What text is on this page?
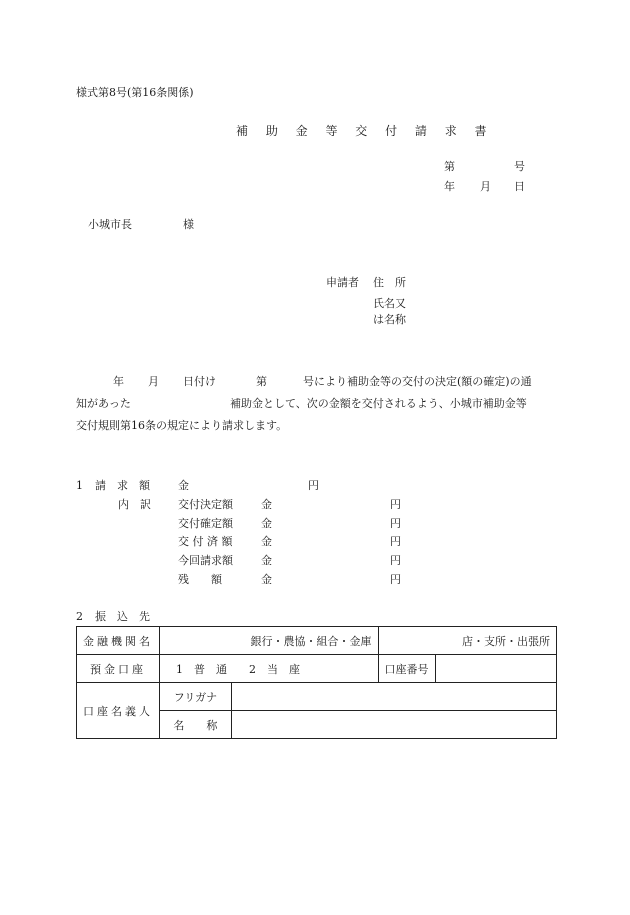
様式第8号(第16条関係)
補 助 金 等 交 付 請 求 書
第	号
年 月 日
小城市長	様
申請者 住　所
氏名又
は名称
年 月 日付け	第	号により補助金等の交付の決定(額の確定)の通
知があった	補助金として、次の金額を交付されるよう、小城市補助金等
交付規則第16条の規定により請求します。
1 請　求　額	金	円
内　訳 交付決定額	金	円
交付確定額	金	円
交 付 済 額	金	円
今回請求額	金	円
残　　額	金	円
2 振　込　先
金融機関名	銀行・農協・組合・金庫		店・支所・出張所	
預金口座	1　普　通　　2　当　座		口座番号	
口座名義人	フリガナ			
	名　　称			
